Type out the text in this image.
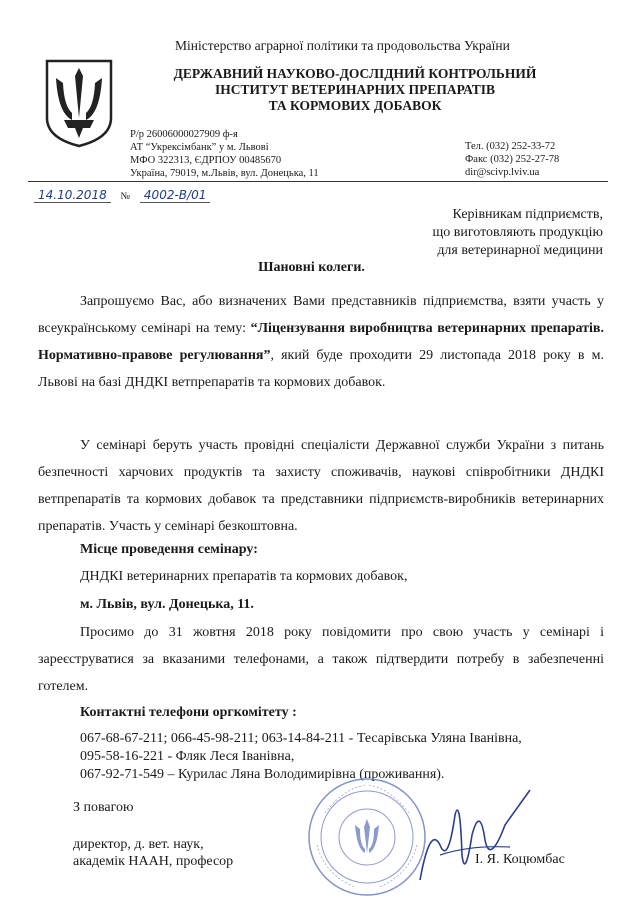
Міністерство аграрної політики та продовольства України
ДЕРЖАВНИЙ НАУКОВО-ДОСЛІДНИЙ КОНТРОЛЬНИЙ
ІНСТИТУТ ВЕТЕРИНАРНИХ ПРЕПАРАТІВ
ТА КОРМОВИХ ДОБАВОК
Р/р 26006000027909 ф-я
АТ “Укрексімбанк” у м. Львові
МФО 322313, ЄДРПОУ 00485670
Україна, 79019, м.Львів, вул. Донецька, 11
Тел. (032) 252-33-72
Факс (032) 252-27-78
dir@scivp.lviv.ua
14.10.2018 № 4002-В/01
Керівникам підприємств,
що виготовляють продукцію
для ветеринарної медицини
Шановні колеги.
Запрошуємо Вас, або визначених Вами представників підприємства, взяти участь у всеукраїнському семінарі на тему: “Ліцензування виробництва ветеринарних препаратів. Нормативно-правове регулювання”, який буде проходити 29 листопада 2018 року в м. Львові на базі ДНДКІ ветпрепаратів та кормових добавок.
У семінарі беруть участь провідні спеціалісти Державної служби України з питань безпечності харчових продуктів та захисту споживачів, наукові співробітники ДНДКІ ветпрепаратів та кормових добавок та представники підприємств-виробників ветеринарних препаратів. Участь у семінарі безкоштовна.
Місце проведення семінару:
ДНДКІ ветеринарних препаратів та кормових добавок,
м. Львів, вул. Донецька, 11.
Просимо до 31 жовтня 2018 року повідомити про свою участь у семінарі і зареєструватися за вказаними телефонами, а також підтвердити потребу в забезпеченні готелем.
Контактні телефони оргкомітету :
067-68-67-211; 066-45-98-211; 063-14-84-211 - Тесарівська Уляна Іванівна,
095-58-16-221 - Фляк Леся Іванівна,
067-92-71-549 – Курилас Ляна Володимирівна (проживання).
З повагою
директор, д. вет. наук,
академік НААН, професор	І. Я. Коцюмбас
